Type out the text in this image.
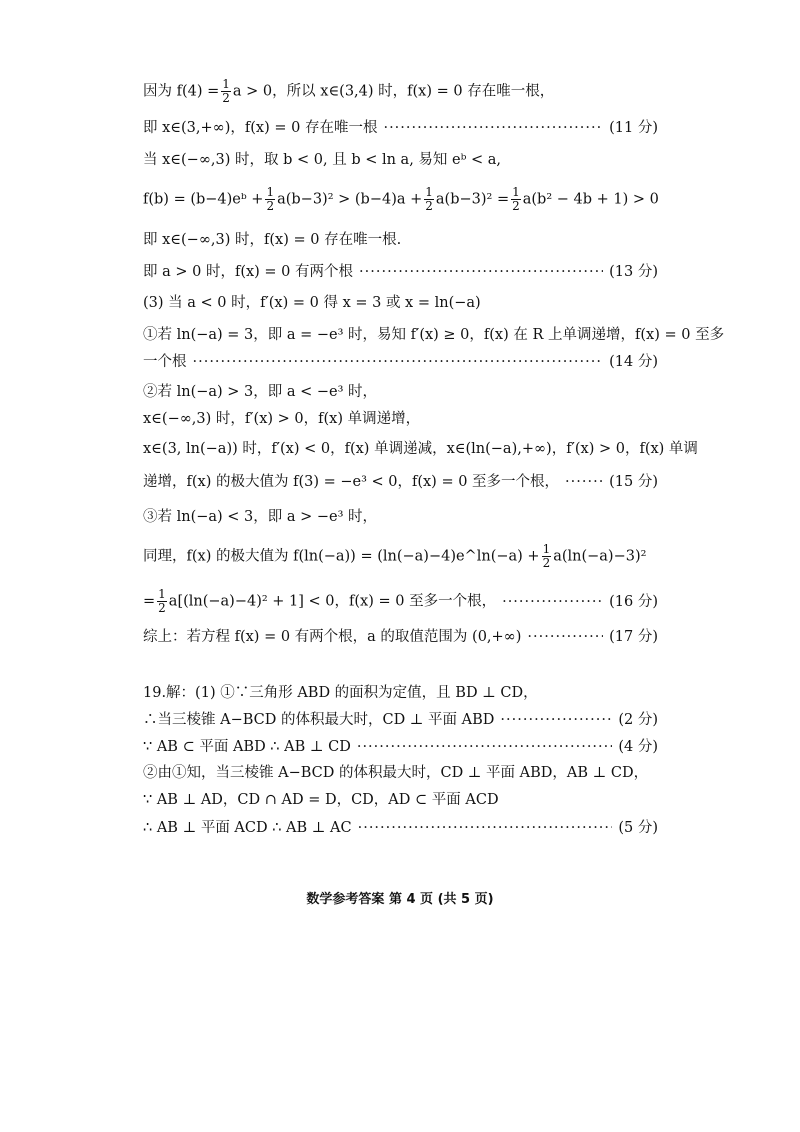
因为 $f(4) = \frac{1}{2}$ a > 0，所以 x∈(3,4) 时，f(x) = 0 存在唯一根，
即 x∈(3,+∞)，f(x) = 0 存在唯一根 ·····	(11 分)
当 x∈(−∞,3) 时，取 b < 0, 且 b < ln a, 易知 eᵇ < a,
f(b) = (b−4)eᵇ + $\frac{1}{2} a(b-3)^2 > (b-4)a + \frac{1}{2} a(b-3)^2 = \frac{1}{2} a(b^2 - 4b + 1) > 0$
即 x∈(−∞,3) 时，f(x) = 0 存在唯一根.
即 a > 0 时，f(x) = 0 有两个根 ·····	(13 分)
(3) 当 a < 0 时，f′(x) = 0 得 x = 3 或 x = ln(−a)
①若 ln(−a) = 3，即 a = −e³ 时，易知 f′(x) ≥ 0，f(x) 在 R 上单调递增，f(x) = 0 至多
一个根 ·····	(14 分)
②若 ln(−a) > 3，即 a < −e³ 时，
x∈(−∞,3) 时，f′(x) > 0，f(x) 单调递增，
x∈(3, ln(−a)) 时，f′(x) < 0，f(x) 单调递减，x∈(ln(−a),+∞)，f′(x) > 0，f(x) 单调
递增，f(x) 的极大值为 f(3) = −e³ < 0，f(x) = 0 至多一个根， ·····	(15 分)
③若 ln(−a) < 3，即 a > −e³ 时，
同理，f(x) 的极大值为 f(ln(−a)) = (ln(−a)−4)e^ln(−a) + $\frac{1}{2} a(\ln(-a)-3)^2$
= $\frac{1}{2} a[(\ln(-a)-4)^2 + 1] < 0$，f(x) = 0 至多一个根， ·····	(16 分)
综上：若方程 f(x) = 0 有两个根，a 的取值范围为 (0,+∞) ·····	(17 分)
19.解：(1) ①∵三角形 ABD 的面积为定值，且 BD ⊥ CD，
∴当三棱锥 A−BCD 的体积最大时，CD ⊥ 平面 ABD ·····	(2 分)
∵ AB ⊂ 平面 ABD ∴ AB ⊥ CD ·····	(4 分)
②由①知，当三棱锥 A−BCD 的体积最大时，CD ⊥ 平面 ABD，AB ⊥ CD，
∵ AB ⊥ AD，CD ∩ AD = D，CD，AD ⊂ 平面 ACD
∴ AB ⊥ 平面 ACD ∴ AB ⊥ AC ·····	(5 分)
数学参考答案 第 4 页 (共 5 页)
